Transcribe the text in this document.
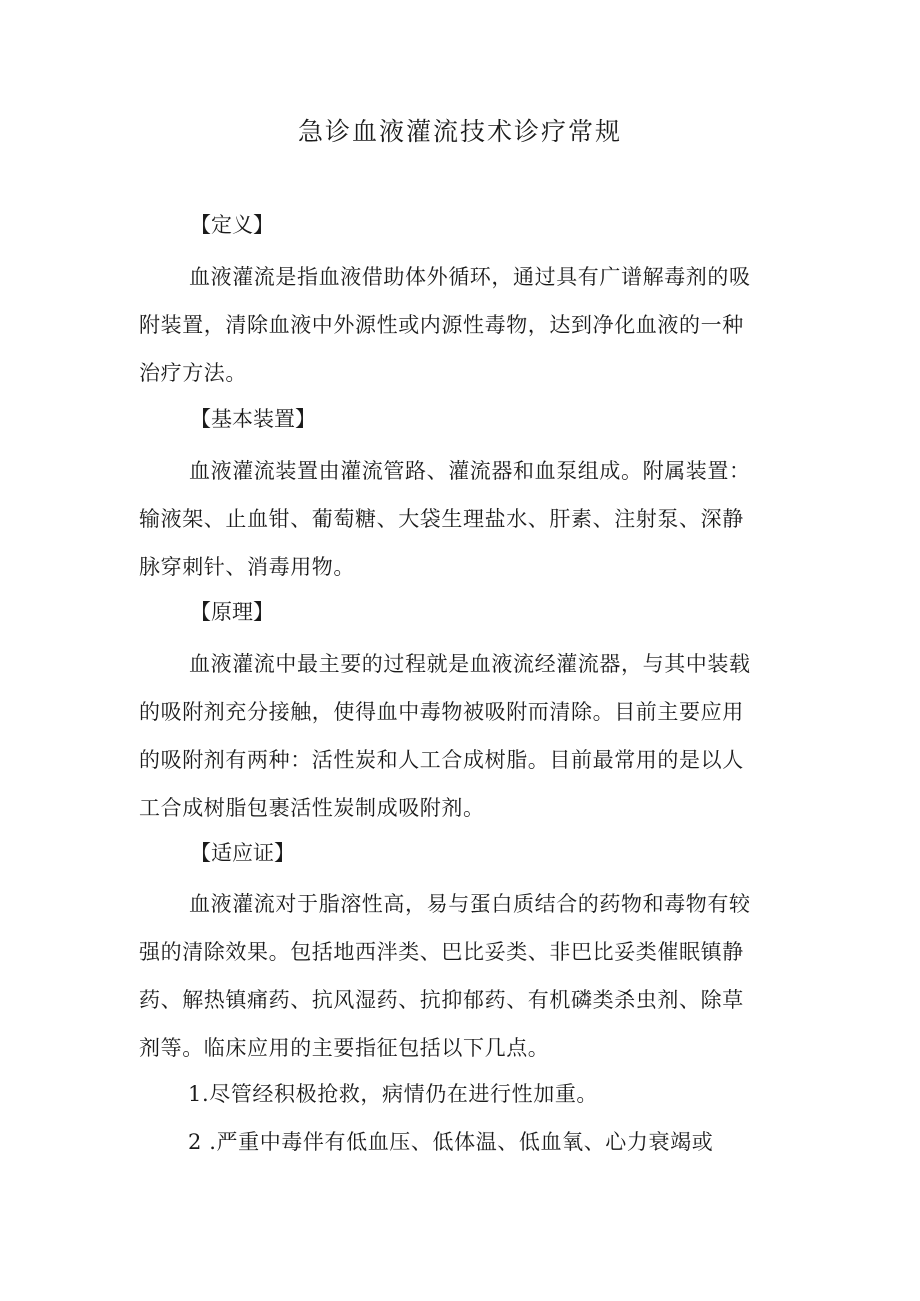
急诊血液灌流技术诊疗常规
【定义】
血液灌流是指血液借助体外循环，通过具有广谱解毒剂的吸
附装置，清除血液中外源性或内源性毒物，达到净化血液的一种
治疗方法。
【基本装置】
血液灌流装置由灌流管路、灌流器和血泵组成。附属装置：
输液架、止血钳、葡萄糖、大袋生理盐水、肝素、注射泵、深静
脉穿刺针、消毒用物。
【原理】
血液灌流中最主要的过程就是血液流经灌流器，与其中装载
的吸附剂充分接触，使得血中毒物被吸附而清除。目前主要应用
的吸附剂有两种：活性炭和人工合成树脂。目前最常用的是以人
工合成树脂包裹活性炭制成吸附剂。
【适应证】
血液灌流对于脂溶性高，易与蛋白质结合的药物和毒物有较
强的清除效果。包括地西泮类、巴比妥类、非巴比妥类催眠镇静
药、解热镇痛药、抗风湿药、抗抑郁药、有机磷类杀虫剂、除草
剂等。临床应用的主要指征包括以下几点。
1.尽管经积极抢救，病情仍在进行性加重。
2 .严重中毒伴有低血压、低体温、低血氧、心力衰竭或
